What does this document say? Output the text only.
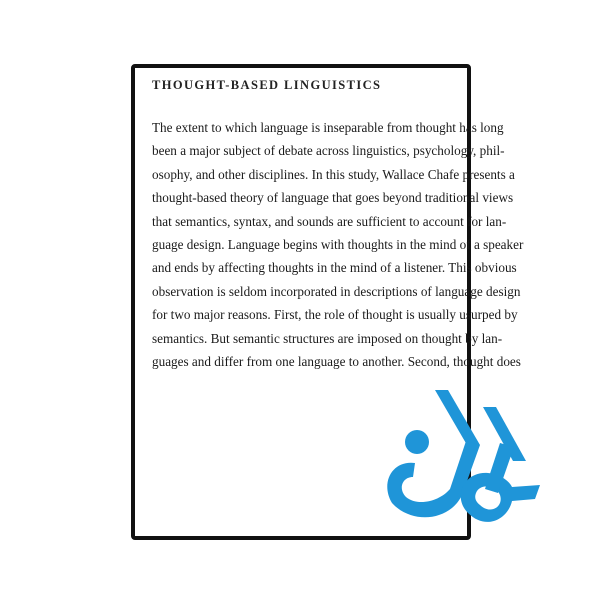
THOUGHT-BASED LINGUISTICS
The extent to which language is inseparable from thought has long
been a major subject of debate across linguistics, psychology, phil-
osophy, and other disciplines. In this study, Wallace Chafe presents a
thought-based theory of language that goes beyond traditional views
that semantics, syntax, and sounds are sufficient to account for lan-
guage design. Language begins with thoughts in the mind of a speaker
and ends by affecting thoughts in the mind of a listener. This obvious
observation is seldom incorporated in descriptions of language design
for two major reasons. First, the role of thought is usually usurped by
semantics. But semantic structures are imposed on thought by lan-
guages and differ from one language to another. Second, thought does
